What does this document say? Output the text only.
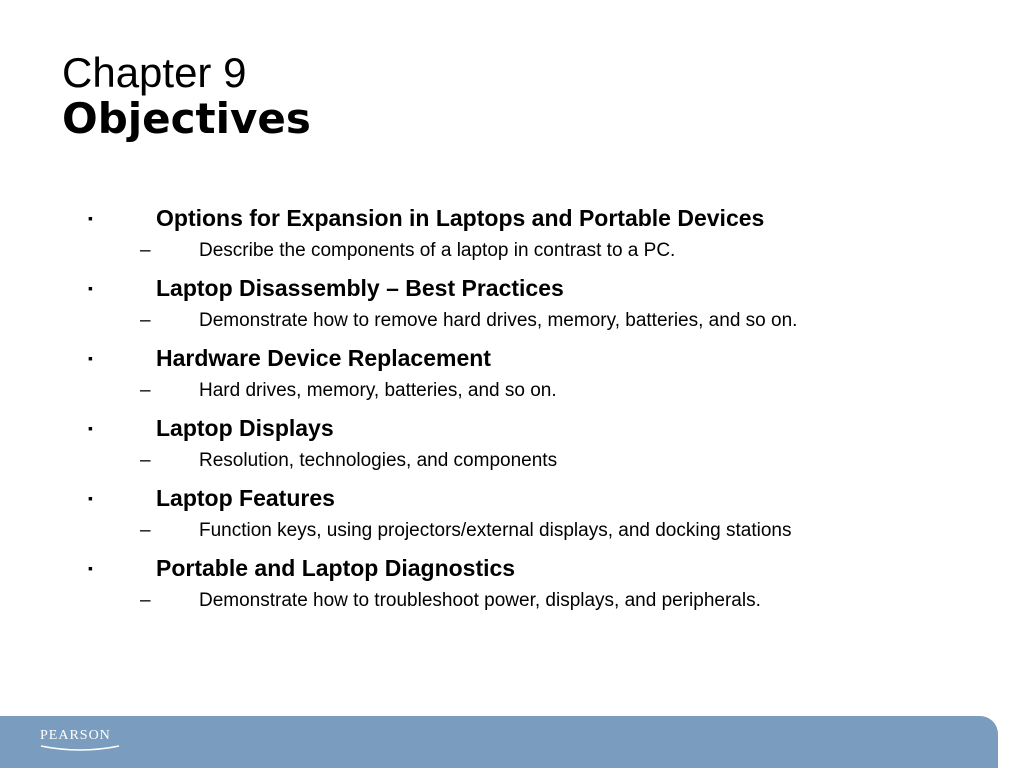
Chapter 9
Objectives
▪	Options for Expansion in Laptops and Portable Devices
–	Describe the components of a laptop in contrast to a PC.
▪	Laptop Disassembly – Best Practices
–	Demonstrate how to remove hard drives, memory, batteries, and so on.
▪	Hardware Device Replacement
–	Hard drives, memory, batteries, and so on.
▪	Laptop Displays
–	Resolution, technologies, and components
▪	Laptop Features
–	Function keys, using projectors/external displays, and docking stations
▪	Portable and Laptop Diagnostics
–	Demonstrate how to troubleshoot power, displays, and peripherals.
PEARSON
